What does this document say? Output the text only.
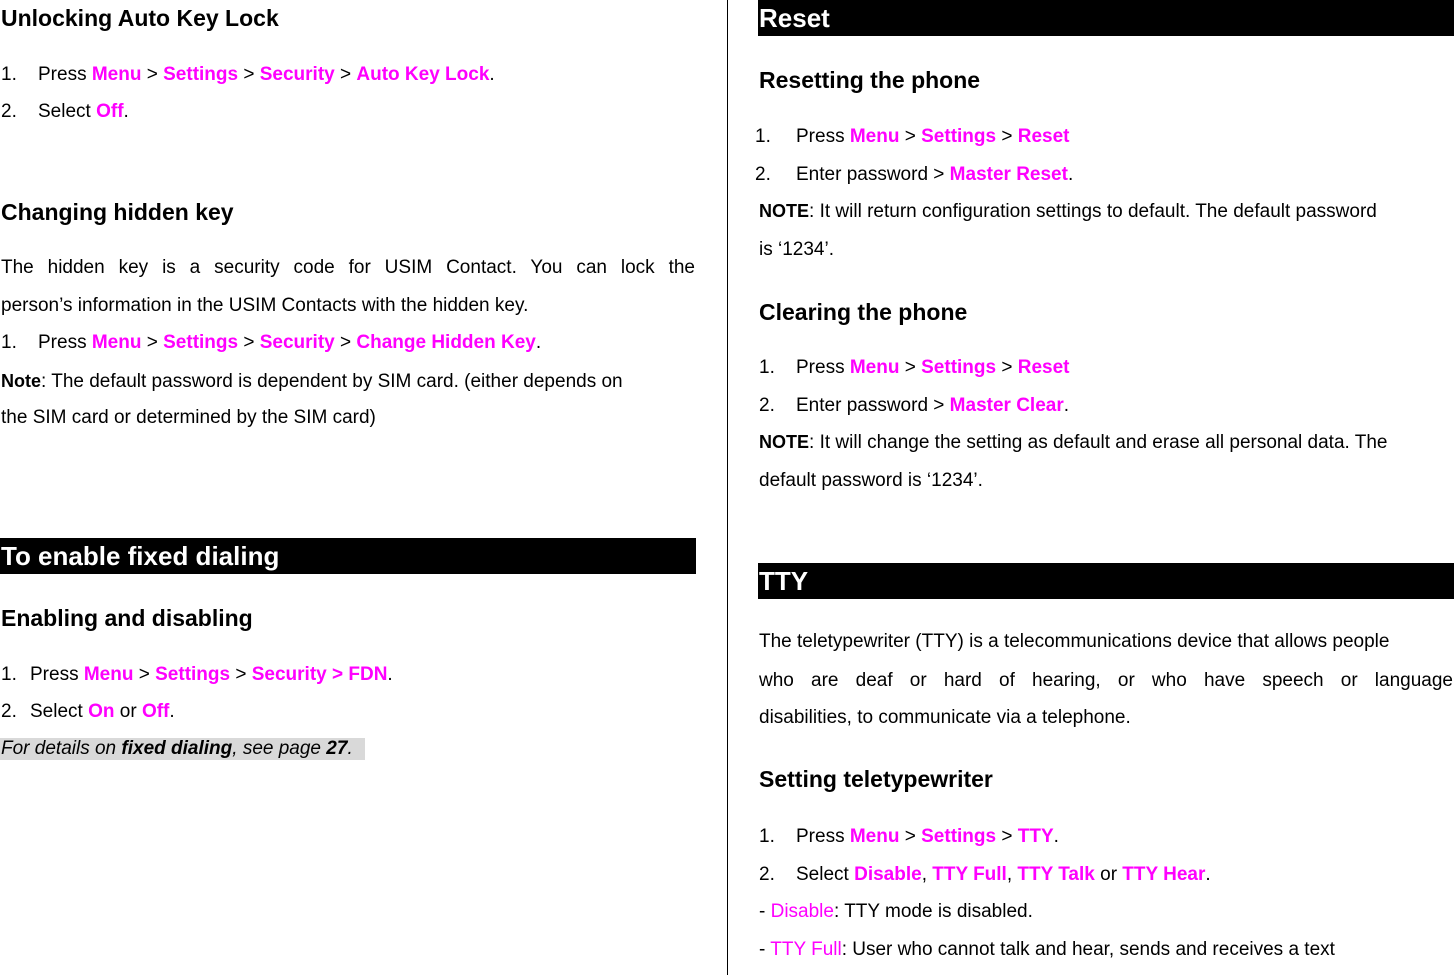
Unlocking Auto Key Lock
1. Press Menu > Settings > Security > Auto Key Lock.
2. Select Off.
Changing hidden key
The hidden key is a security code for USIM Contact. You can lock the
person’s information in the USIM Contacts with the hidden key.
1. Press Menu > Settings > Security > Change Hidden Key.
Note: The default password is dependent by SIM card. (either depends on
the SIM card or determined by the SIM card)
To enable fixed dialing
Enabling and disabling
1. Press Menu > Settings > Security > FDN.
2. Select On or Off.
For details on fixed dialing, see page 27.
Reset
Resetting the phone
1. Press Menu > Settings > Reset
2. Enter password > Master Reset.
NOTE: It will return configuration settings to default. The default password
is ‘1234’.
Clearing the phone
1. Press Menu > Settings > Reset
2. Enter password > Master Clear.
NOTE: It will change the setting as default and erase all personal data. The
default password is ‘1234’.
TTY
The teletypewriter (TTY) is a telecommunications device that allows people
who are deaf or hard of hearing, or who have speech or language
disabilities, to communicate via a telephone.
Setting teletypewriter
1. Press Menu > Settings > TTY.
2. Select Disable, TTY Full, TTY Talk or TTY Hear.
- Disable: TTY mode is disabled.
- TTY Full: User who cannot talk and hear, sends and receives a text
